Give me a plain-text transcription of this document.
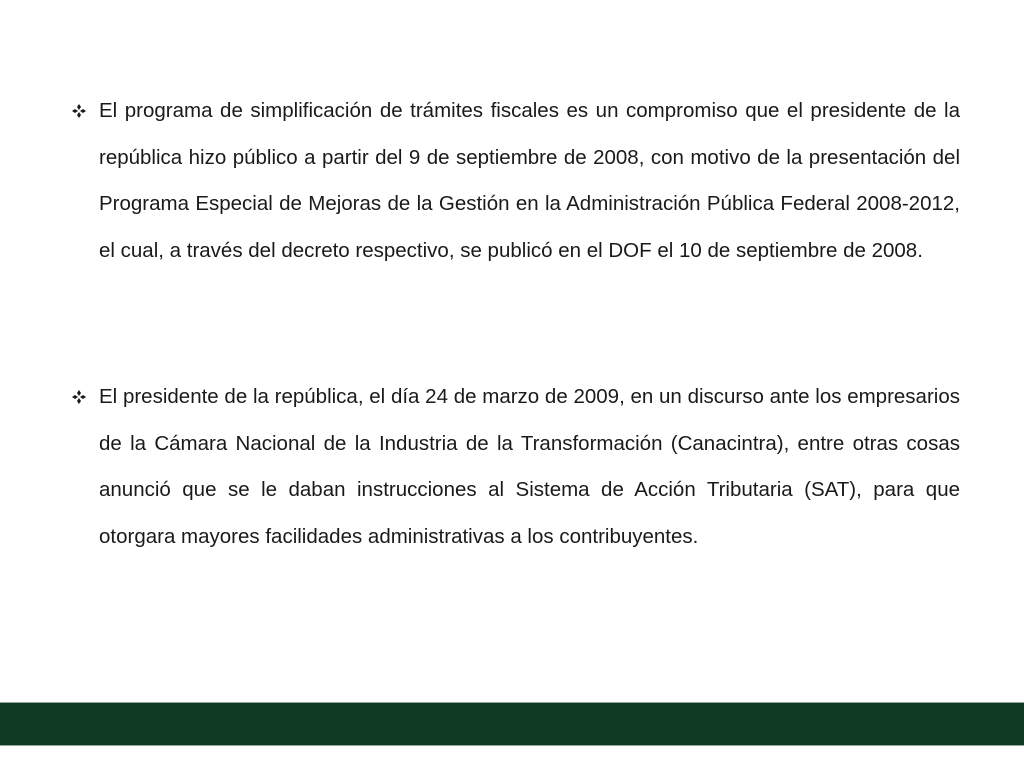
El programa de simplificación de trámites fiscales es un compromiso que el presidente de la república hizo público a partir del 9 de septiembre de 2008, con motivo de la presentación del Programa Especial de Mejoras de la Gestión en la Administración Pública Federal 2008-2012, el cual, a través del decreto respectivo, se publicó en el DOF el 10 de septiembre de 2008.

El presidente de la república, el día 24 de marzo de 2009, en un discurso ante los empresarios de la Cámara Nacional de la Industria de la Transformación (Canacintra), entre otras cosas anunció que se le daban instrucciones al Sistema de Acción Tributaria (SAT), para que otorgara mayores facilidades administrativas a los contribuyentes.
